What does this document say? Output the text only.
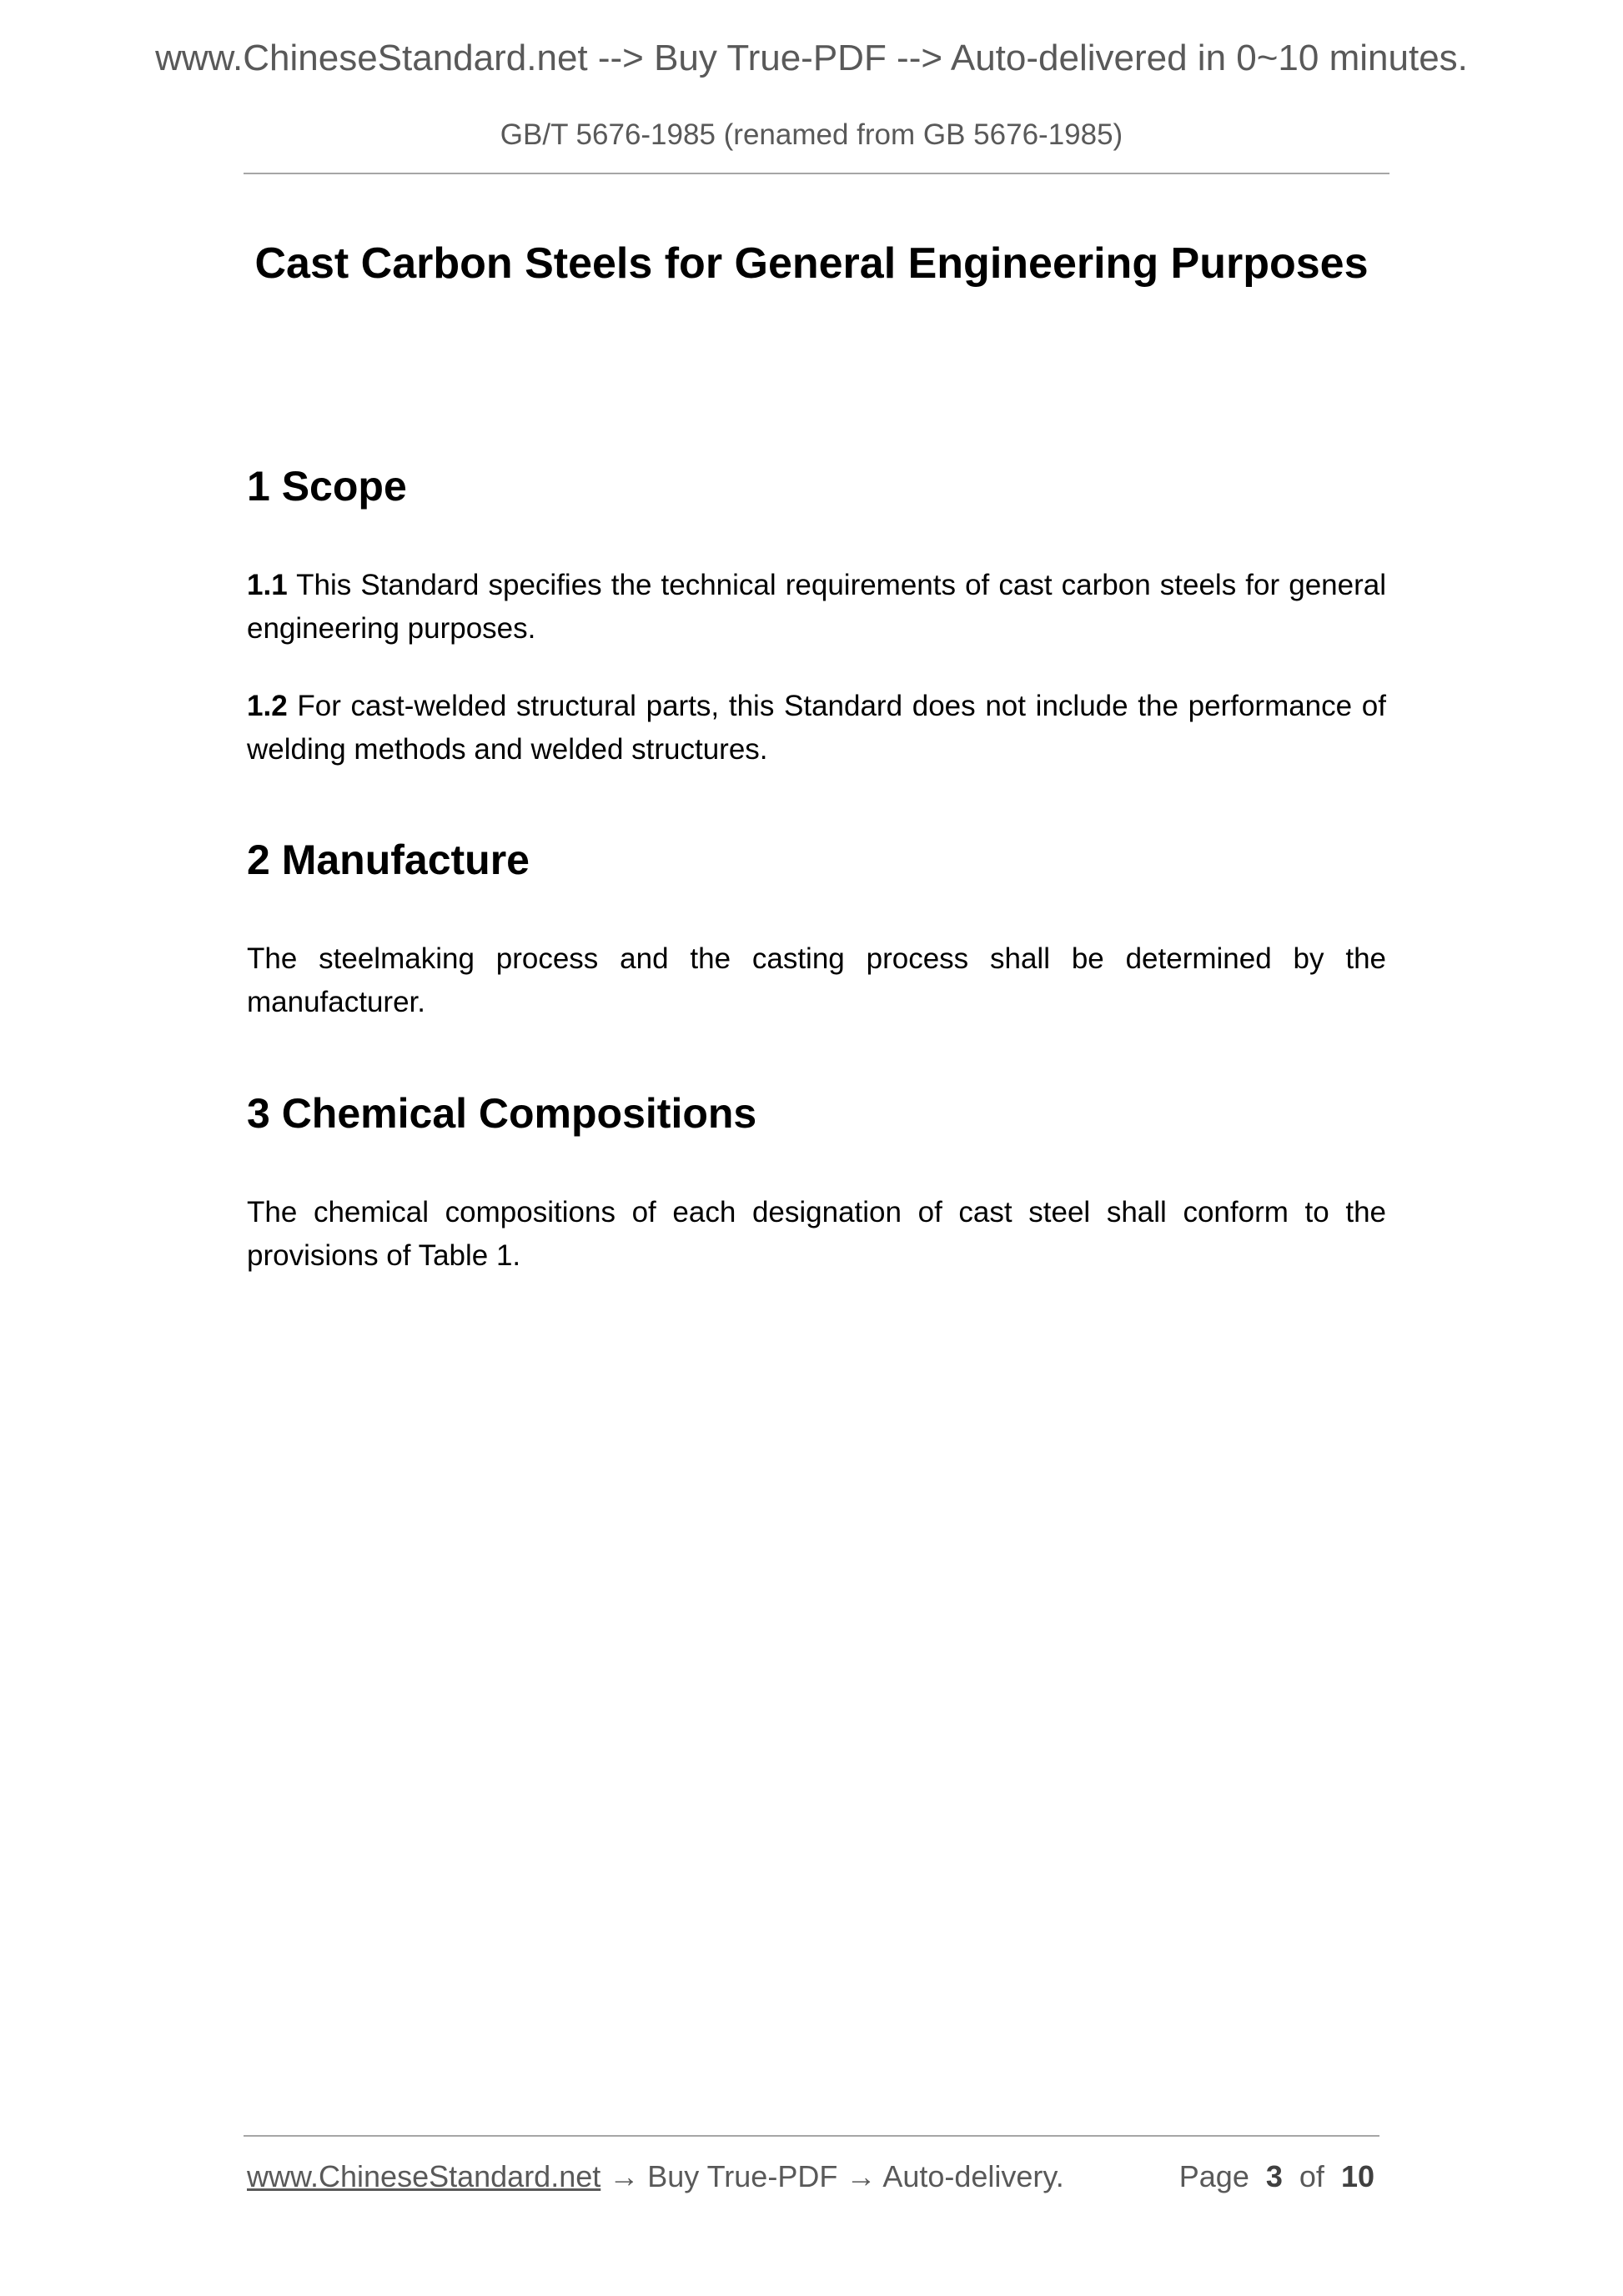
www.ChineseStandard.net --> Buy True-PDF --> Auto-delivered in 0~10 minutes.
GB/T 5676-1985 (renamed from GB 5676-1985)
Cast Carbon Steels for General Engineering Purposes
1 Scope
1.1 This Standard specifies the technical requirements of cast carbon steels for general engineering purposes.
1.2 For cast-welded structural parts, this Standard does not include the performance of welding methods and welded structures.
2 Manufacture
The steelmaking process and the casting process shall be determined by the manufacturer.
3 Chemical Compositions
The chemical compositions of each designation of cast steel shall conform to the provisions of Table 1.
www.ChineseStandard.net → Buy True-PDF → Auto-delivery.	Page 3 of 10
